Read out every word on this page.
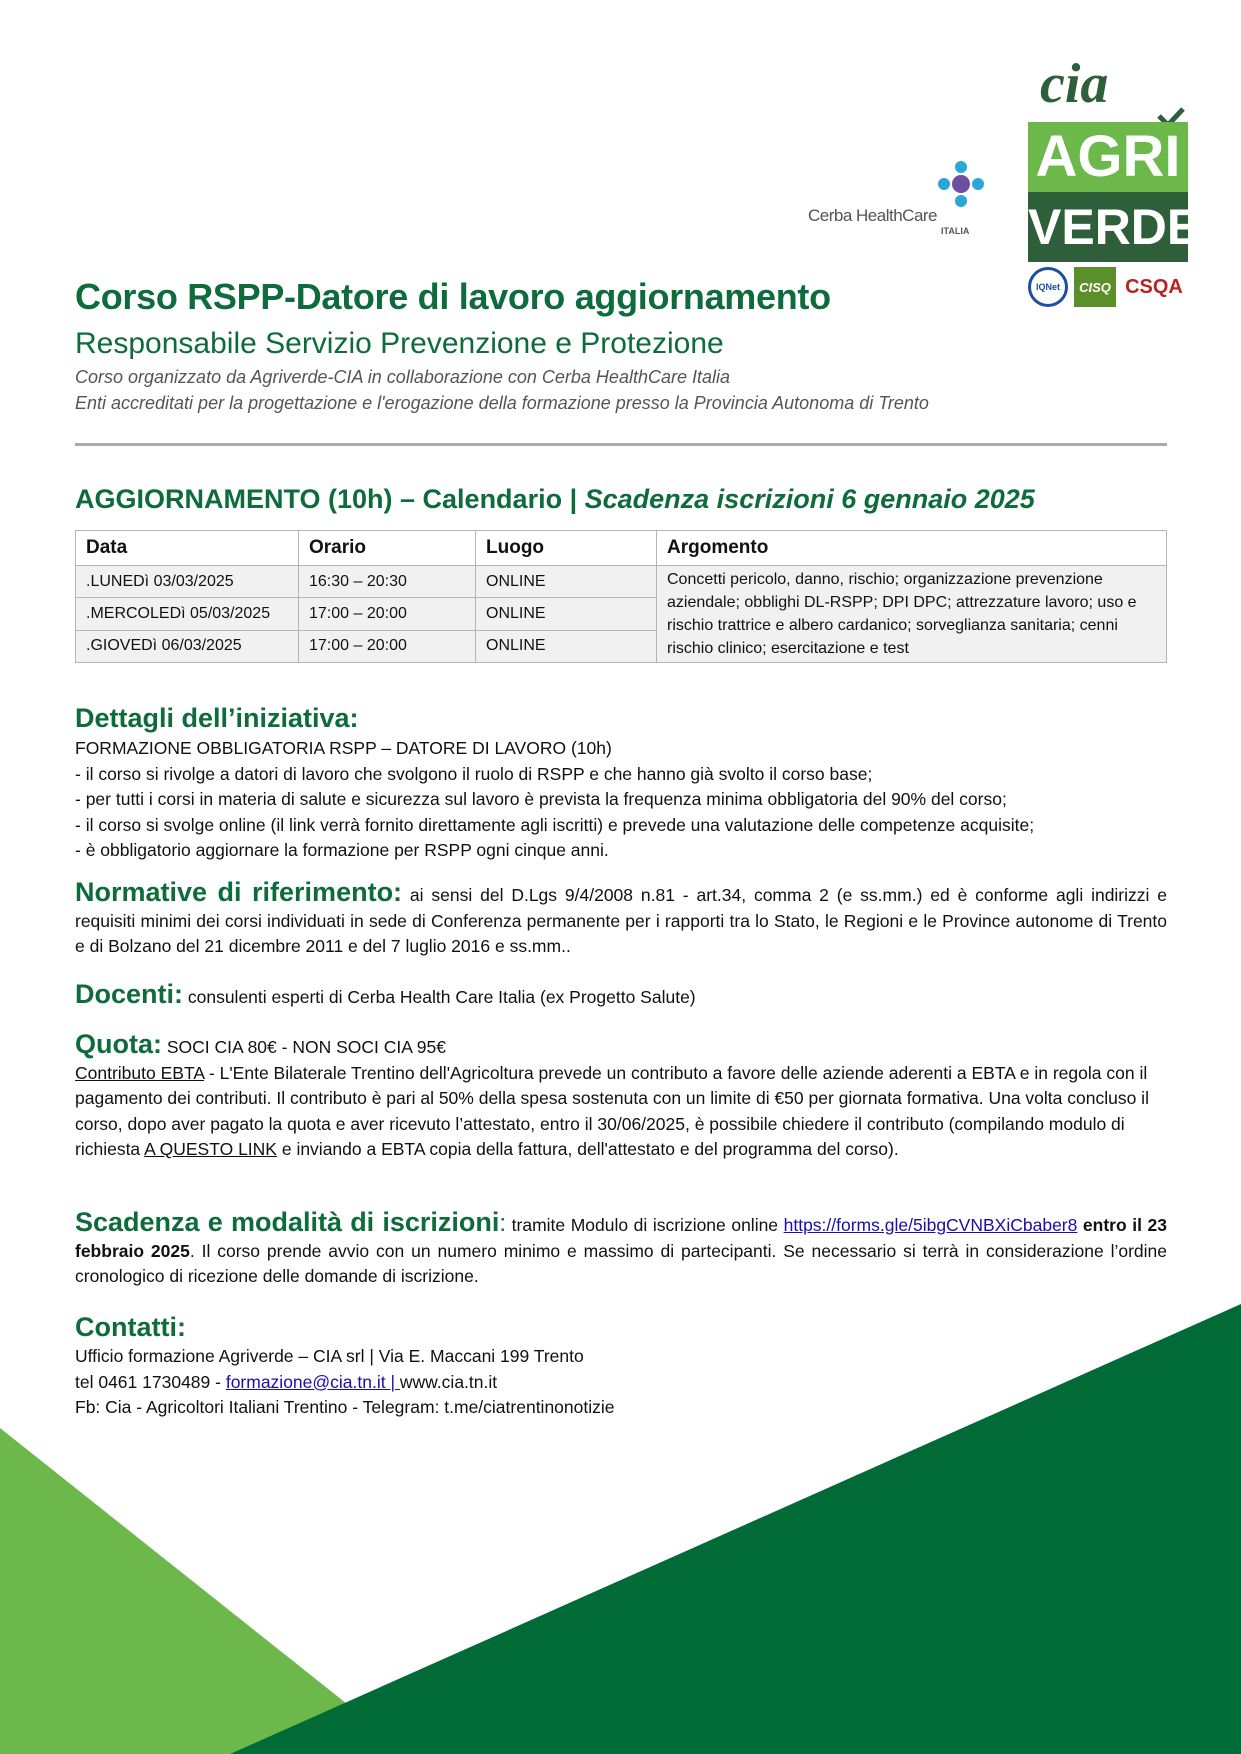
Cerba HealthCare
ITALIA
cia
AGRI
VERDE
IQNet CISQ CSQA
Corso RSPP-Datore di lavoro aggiornamento
Responsabile Servizio Prevenzione e Protezione
Corso organizzato da Agriverde-CIA in collaborazione con Cerba HealthCare Italia
Enti accreditati per la progettazione e l'erogazione della formazione presso la Provincia Autonoma di Trento
AGGIORNAMENTO (10h) – Calendario | Scadenza iscrizioni 6 gennaio 2025
Data	Orario	Luogo	Argomento
.LUNEDì 03/03/2025	16:30 – 20:30	ONLINE	Concetti pericolo, danno, rischio; organizzazione prevenzione aziendale; obblighi DL-RSPP; DPI DPC; attrezzature lavoro; uso e rischio trattrice e albero cardanico; sorveglianza sanitaria; cenni rischio clinico; esercitazione e test
.MERCOLEDì 05/03/2025	17:00 – 20:00	ONLINE	
.GIOVEDì 06/03/2025	17:00 – 20:00	ONLINE	
Dettagli dell’iniziativa:
FORMAZIONE OBBLIGATORIA RSPP – DATORE DI LAVORO (10h)
- il corso si rivolge a datori di lavoro che svolgono il ruolo di RSPP e che hanno già svolto il corso base;
- per tutti i corsi in materia di salute e sicurezza sul lavoro è prevista la frequenza minima obbligatoria del 90% del corso;
- il corso si svolge online (il link verrà fornito direttamente agli iscritti) e prevede una valutazione delle competenze acquisite;
- è obbligatorio aggiornare la formazione per RSPP ogni cinque anni.
Normative di riferimento: ai sensi del D.Lgs 9/4/2008 n.81 - art.34, comma 2 (e ss.mm.) ed è conforme agli indirizzi e requisiti minimi dei corsi individuati in sede di Conferenza permanente per i rapporti tra lo Stato, le Regioni e le Province autonome di Trento e di Bolzano del 21 dicembre 2011 e del 7 luglio 2016 e ss.mm..
Docenti: consulenti esperti di Cerba Health Care Italia (ex Progetto Salute)
Quota: SOCI CIA 80€ - NON SOCI CIA 95€
Contributo EBTA - L'Ente Bilaterale Trentino dell'Agricoltura prevede un contributo a favore delle aziende aderenti a EBTA e in regola con il pagamento dei contributi. Il contributo è pari al 50% della spesa sostenuta con un limite di €50 per giornata formativa. Una volta concluso il corso, dopo aver pagato la quota e aver ricevuto l’attestato, entro il 30/06/2025, è possibile chiedere il contributo (compilando modulo di richiesta A QUESTO LINK e inviando a EBTA copia della fattura, dell'attestato e del programma del corso).
Scadenza e modalità di iscrizioni: tramite Modulo di iscrizione online https://forms.gle/5ibgCVNBXiCbaber8 entro il 23 febbraio 2025. Il corso prende avvio con un numero minimo e massimo di partecipanti. Se necessario si terrà in considerazione l’ordine cronologico di ricezione delle domande di iscrizione.
Contatti:
Ufficio formazione Agriverde – CIA srl | Via E. Maccani 199 Trento
tel 0461 1730489 - formazione@cia.tn.it | www.cia.tn.it
Fb: Cia - Agricoltori Italiani Trentino - Telegram: t.me/ciatrentinonotizie
